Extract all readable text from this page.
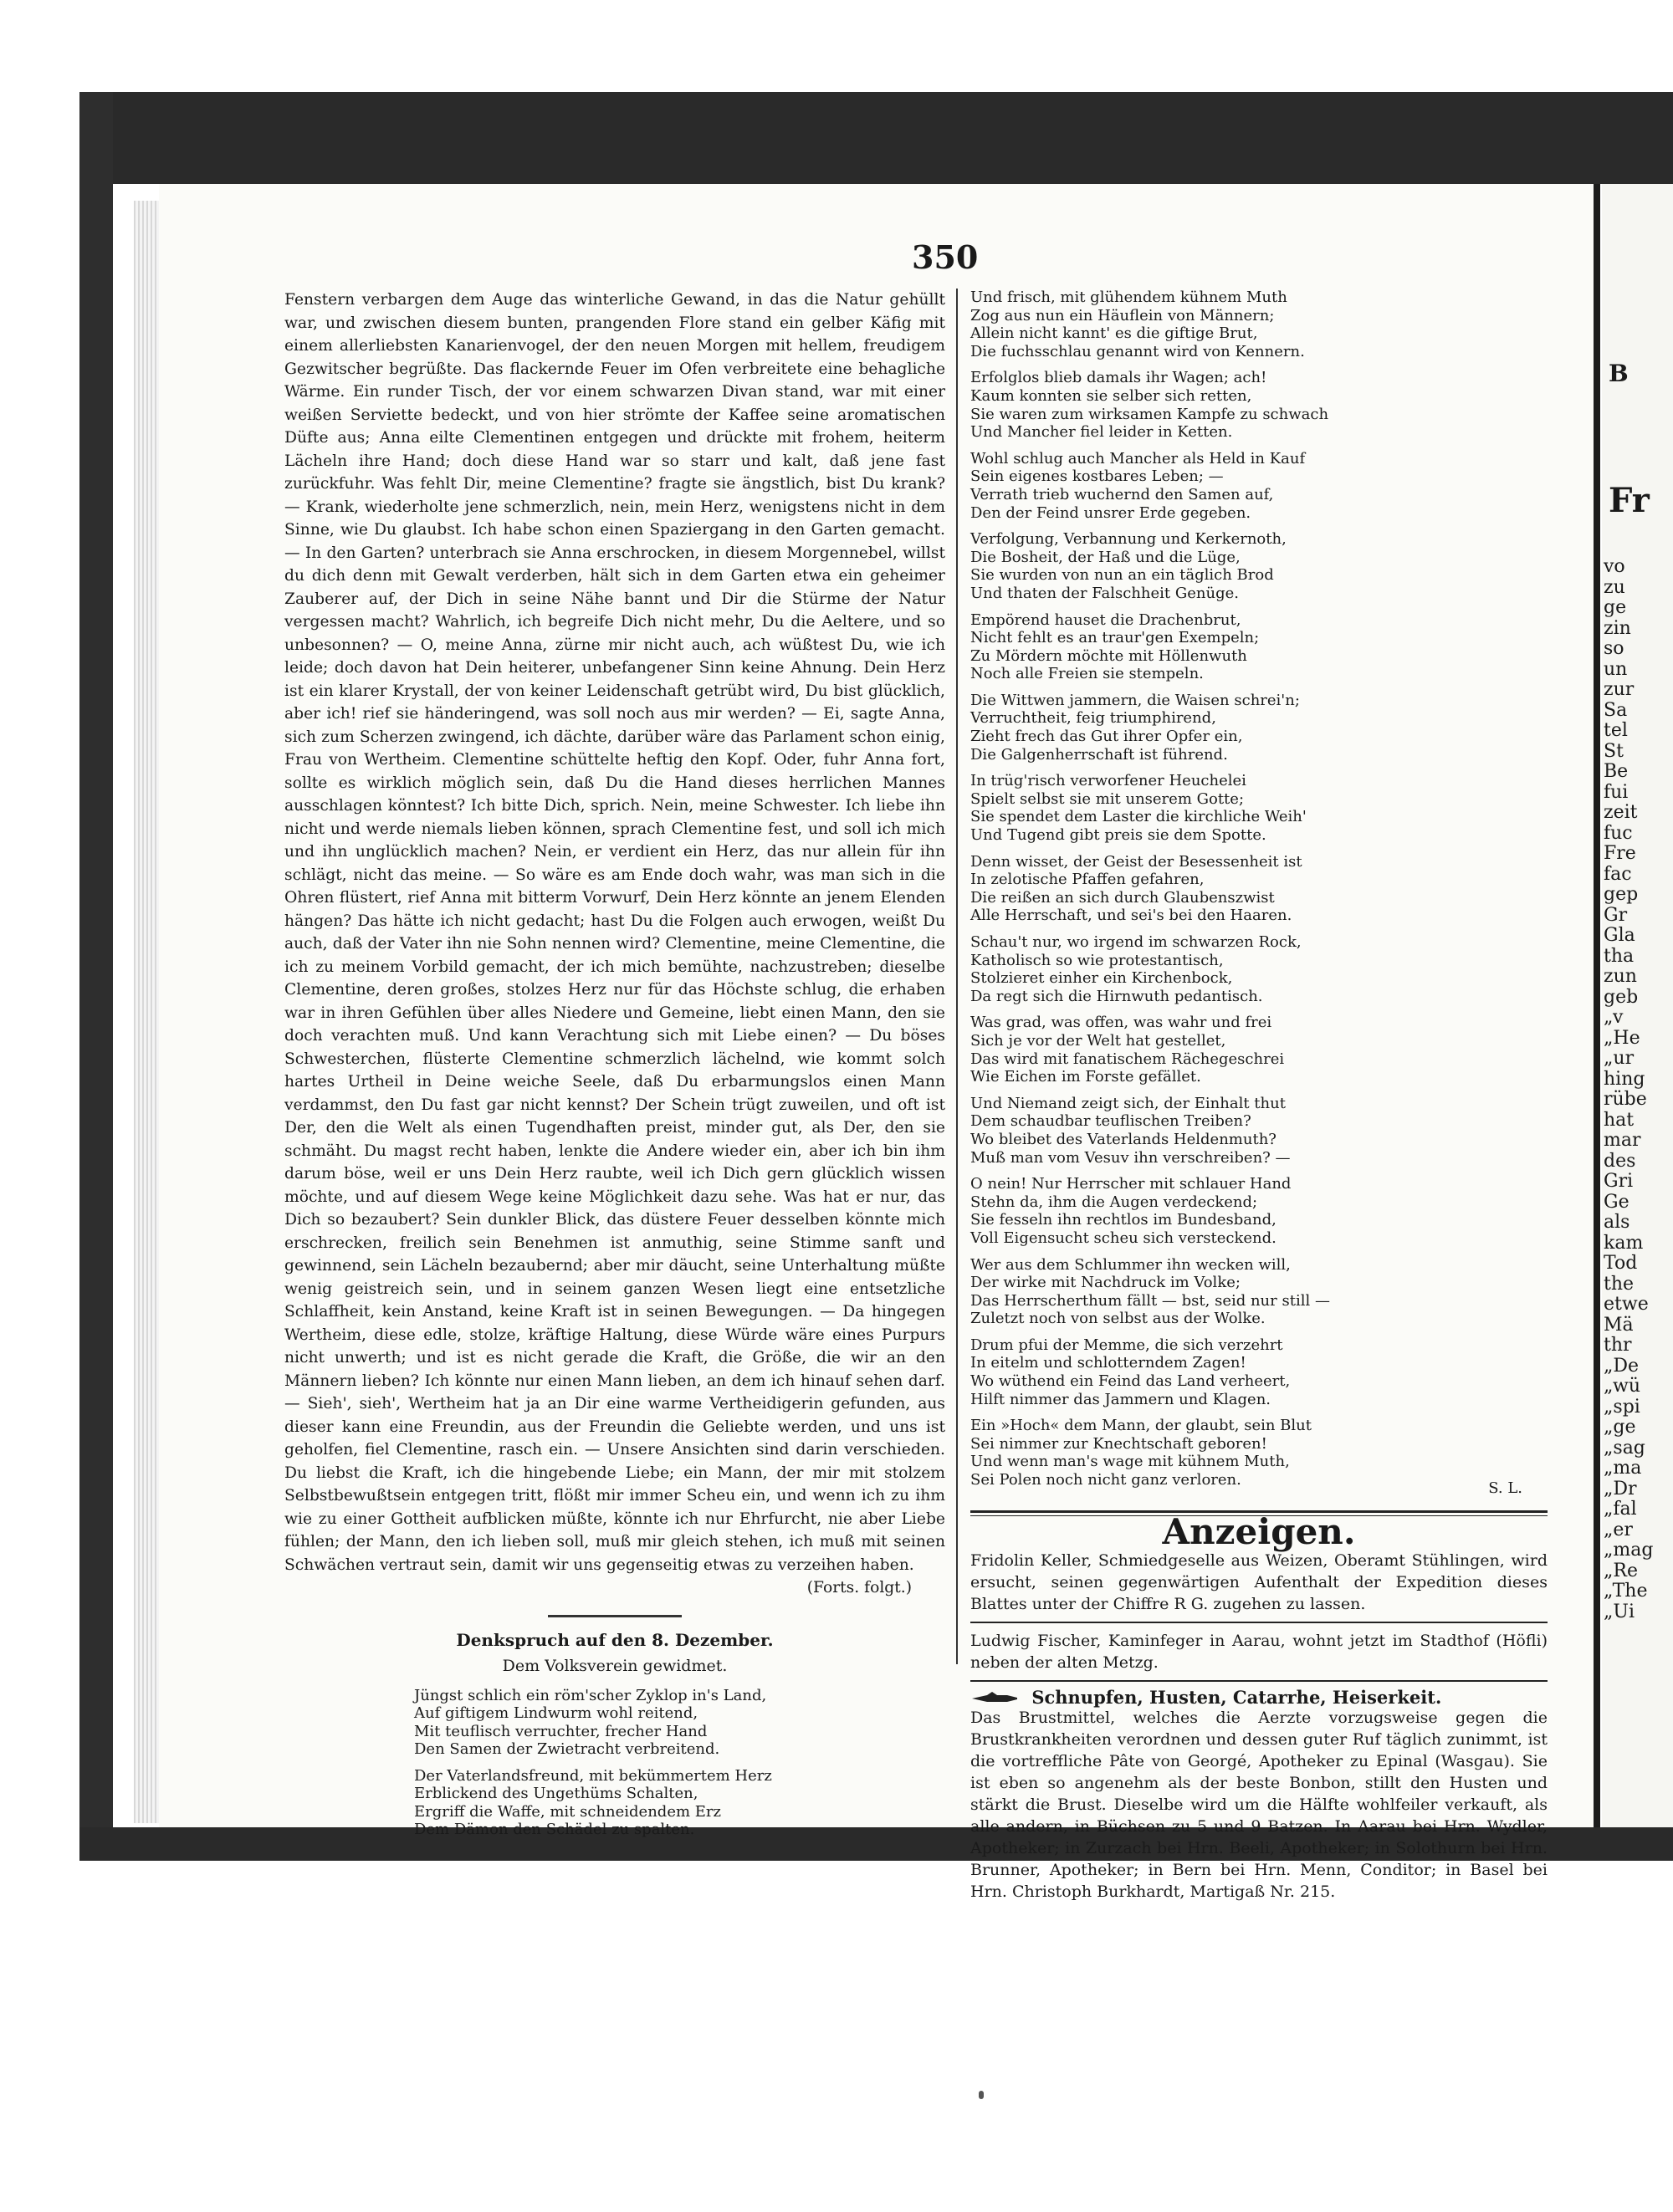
350

Fenstern verbargen dem Auge das winterliche Gewand, in das die Natur gehüllt war, und zwischen diesem bunten, prangenden Flore stand ein gelber Käfig mit einem allerliebsten Kanarienvogel, der den neuen Morgen mit hellem, freudigem Gezwitscher begrüßte. Das flackernde Feuer im Ofen verbreitete eine behagliche Wärme. Ein runder Tisch, der vor einem schwarzen Divan stand, war mit einer weißen Serviette bedeckt, und von hier strömte der Kaffee seine aromatischen Düfte aus; Anna eilte Clementinen entgegen und drückte mit frohem, heiterm Lächeln ihre Hand; doch diese Hand war so starr und kalt, daß jene fast zurückfuhr. Was fehlt Dir, meine Clementine? fragte sie ängstlich, bist Du krank? — Krank, wiederholte jene schmerzlich, nein, mein Herz, wenigstens nicht in dem Sinne, wie Du glaubst. Ich habe schon einen Spaziergang in den Garten gemacht. — In den Garten? unterbrach sie Anna erschrocken, in diesem Morgennebel, willst du dich denn mit Gewalt verderben, hält sich in dem Garten etwa ein geheimer Zauberer auf, der Dich in seine Nähe bannt und Dir die Stürme der Natur vergessen macht? Wahrlich, ich begreife Dich nicht mehr, Du die Aeltere, und so unbesonnen? — O, meine Anna, zürne mir nicht auch, ach wüßtest Du, wie ich leide; doch davon hat Dein heiterer, unbefangener Sinn keine Ahnung. Dein Herz ist ein klarer Krystall, der von keiner Leidenschaft getrübt wird, Du bist glücklich, aber ich! rief sie händeringend, was soll noch aus mir werden? — Ei, sagte Anna, sich zum Scherzen zwingend, ich dächte, darüber wäre das Parlament schon einig, Frau von Wertheim. Clementine schüttelte heftig den Kopf. Oder, fuhr Anna fort, sollte es wirklich möglich sein, daß Du die Hand dieses herrlichen Mannes ausschlagen könntest? Ich bitte Dich, sprich. Nein, meine Schwester. Ich liebe ihn nicht und werde niemals lieben können, sprach Clementine fest, und soll ich mich und ihn unglücklich machen? Nein, er verdient ein Herz, das nur allein für ihn schlägt, nicht das meine. — So wäre es am Ende doch wahr, was man sich in die Ohren flüstert, rief Anna mit bitterm Vorwurf, Dein Herz könnte an jenem Elenden hängen? Das hätte ich nicht gedacht; hast Du die Folgen auch erwogen, weißt Du auch, daß der Vater ihn nie Sohn nennen wird? Clementine, meine Clementine, die ich zu meinem Vorbild gemacht, der ich mich bemühte, nachzustreben; dieselbe Clementine, deren großes, stolzes Herz nur für das Höchste schlug, die erhaben war in ihren Gefühlen über alles Niedere und Gemeine, liebt einen Mann, den sie doch verachten muß. Und kann Verachtung sich mit Liebe einen? — Du böses Schwesterchen, flüsterte Clementine schmerzlich lächelnd, wie kommt solch hartes Urtheil in Deine weiche Seele, daß Du erbarmungslos einen Mann verdammst, den Du fast gar nicht kennst? Der Schein trügt zuweilen, und oft ist Der, den die Welt als einen Tugendhaften preist, minder gut, als Der, den sie schmäht. Du magst recht haben, lenkte die Andere wieder ein, aber ich bin ihm darum böse, weil er uns Dein Herz raubte, weil ich Dich gern glücklich wissen möchte, und auf diesem Wege keine Möglichkeit dazu sehe. Was hat er nur, das Dich so bezaubert? Sein dunkler Blick, das düstere Feuer desselben könnte mich erschrecken, freilich sein Benehmen ist anmuthig, seine Stimme sanft und gewinnend, sein Lächeln bezaubernd; aber mir däucht, seine Unterhaltung müßte wenig geistreich sein, und in seinem ganzen Wesen liegt eine entsetzliche Schlaffheit, kein Anstand, keine Kraft ist in seinen Bewegungen. — Da hingegen Wertheim, diese edle, stolze, kräftige Haltung, diese Würde wäre eines Purpurs nicht unwerth; und ist es nicht gerade die Kraft, die Größe, die wir an den Männern lieben? Ich könnte nur einen Mann lieben, an dem ich hinauf sehen darf. — Sieh', sieh', Wertheim hat ja an Dir eine warme Vertheidigerin gefunden, aus dieser kann eine Freundin, aus der Freundin die Geliebte werden, und uns ist geholfen, fiel Clementine, rasch ein. — Unsere Ansichten sind darin verschieden. Du liebst die Kraft, ich die hingebende Liebe; ein Mann, der mir mit stolzem Selbstbewußtsein entgegen tritt, flößt mir immer Scheu ein, und wenn ich zu ihm wie zu einer Gottheit aufblicken müßte, könnte ich nur Ehrfurcht, nie aber Liebe fühlen; der Mann, den ich lieben soll, muß mir gleich stehen, ich muß mit seinen Schwächen vertraut sein, damit wir uns gegenseitig etwas zu verzeihen haben.

(Forts. folgt.)
Denkspruch auf den 8. Dezember.
Dem Volksverein gewidmet.
Jüngst schlich ein röm'scher Zyklop in's Land,
Auf giftigem Lindwurm wohl reitend,
Mit teuflisch verruchter, frecher Hand
Den Samen der Zwietracht verbreitend.
Der Vaterlandsfreund, mit bekümmertem Herz
Erblickend des Ungethüms Schalten,
Ergriff die Waffe, mit schneidendem Erz
Dem Dämon den Schädel zu spalten.
Und frisch, mit glühendem kühnem Muth
Zog aus nun ein Häuflein von Männern;
Allein nicht kannt' es die giftige Brut,
Die fuchsschlau genannt wird von Kennern.
Erfolglos blieb damals ihr Wagen; ach!
Kaum konnten sie selber sich retten,
Sie waren zum wirksamen Kampfe zu schwach
Und Mancher fiel leider in Ketten.
Wohl schlug auch Mancher als Held in Kauf
Sein eigenes kostbares Leben; —
Verrath trieb wuchernd den Samen auf,
Den der Feind unsrer Erde gegeben.
Verfolgung, Verbannung und Kerkernoth,
Die Bosheit, der Haß und die Lüge,
Sie wurden von nun an ein täglich Brod
Und thaten der Falschheit Genüge.
Empörend hauset die Drachenbrut,
Nicht fehlt es an traur'gen Exempeln;
Zu Mördern möchte mit Höllenwuth
Noch alle Freien sie stempeln.
Die Wittwen jammern, die Waisen schrei'n;
Verruchtheit, feig triumphirend,
Zieht frech das Gut ihrer Opfer ein,
Die Galgenherrschaft ist führend.
In trüg'risch verworfener Heuchelei
Spielt selbst sie mit unserem Gotte;
Sie spendet dem Laster die kirchliche Weih'
Und Tugend gibt preis sie dem Spotte.
Denn wisset, der Geist der Besessenheit ist
In zelotische Pfaffen gefahren,
Die reißen an sich durch Glaubenszwist
Alle Herrschaft, und sei's bei den Haaren.
Schau't nur, wo irgend im schwarzen Rock,
Katholisch so wie protestantisch,
Stolzieret einher ein Kirchenbock,
Da regt sich die Hirnwuth pedantisch.
Was grad, was offen, was wahr und frei
Sich je vor der Welt hat gestellet,
Das wird mit fanatischem Rächegeschrei
Wie Eichen im Forste gefället.
Und Niemand zeigt sich, der Einhalt thut
Dem schaudbar teuflischen Treiben?
Wo bleibet des Vaterlands Heldenmuth?
Muß man vom Vesuv ihn verschreiben? —
O nein! Nur Herrscher mit schlauer Hand
Stehn da, ihm die Augen verdeckend;
Sie fesseln ihn rechtlos im Bundesband,
Voll Eigensucht scheu sich versteckend.
Wer aus dem Schlummer ihn wecken will,
Der wirke mit Nachdruck im Volke;
Das Herrscherthum fällt — bst, seid nur still —
Zuletzt noch von selbst aus der Wolke.
Drum pfui der Memme, die sich verzehrt
In eitelm und schlotterndem Zagen!
Wo wüthend ein Feind das Land verheert,
Hilft nimmer das Jammern und Klagen.
Ein »Hoch« dem Mann, der glaubt, sein Blut
Sei nimmer zur Knechtschaft geboren!
Und wenn man's wage mit kühnem Muth,
Sei Polen noch nicht ganz verloren.	S. L.
Anzeigen.
Fridolin Keller, Schmiedgeselle aus Weizen, Oberamt Stühlingen, wird ersucht, seinen gegenwärtigen Aufenthalt der Expedition dieses Blattes unter der Chiffre R G. zugehen zu lassen.
Ludwig Fischer, Kaminfeger in Aarau, wohnt jetzt im Stadthof (Höfli) neben der alten Metzg.
Schnupfen, Husten, Catarrhe, Heiserkeit.
Das Brustmittel, welches die Aerzte vorzugsweise gegen die Brustkrankheiten verordnen und dessen guter Ruf täglich zunimmt, ist die vortreffliche Pâte von Georgé, Apotheker zu Epinal (Wasgau). Sie ist eben so angenehm als der beste Bonbon, stillt den Husten und stärkt die Brust. Dieselbe wird um die Hälfte wohlfeiler verkauft, als alle andern, in Büchsen zu 5 und 9 Batzen. In Aarau bei Hrn. Wydler, Apotheker; in Zurzach bei Hrn. Beeli, Apotheker; in Solothurn bei Hrn. Brunner, Apotheker; in Bern bei Hrn. Menn, Conditor; in Basel bei Hrn. Christoph Burkhardt, Martigaß Nr. 215.
B
Fr
vo
zu
ge
zin
so
un
zur
Sa
tel
St
Be
fui
zeit
fuc
Fre
fac
gep
Gr
Gla
tha
zun
geb
„v
„He
„ur
hing
rübe
hat
mar
des
Gri
Ge
als
kam
Tod
the
etwe
Mä
thr
„De
„wü
„spi
„ge
„sag
„ma
„Dr
„fal
„er
„mag
„Re
„The
„Ui
